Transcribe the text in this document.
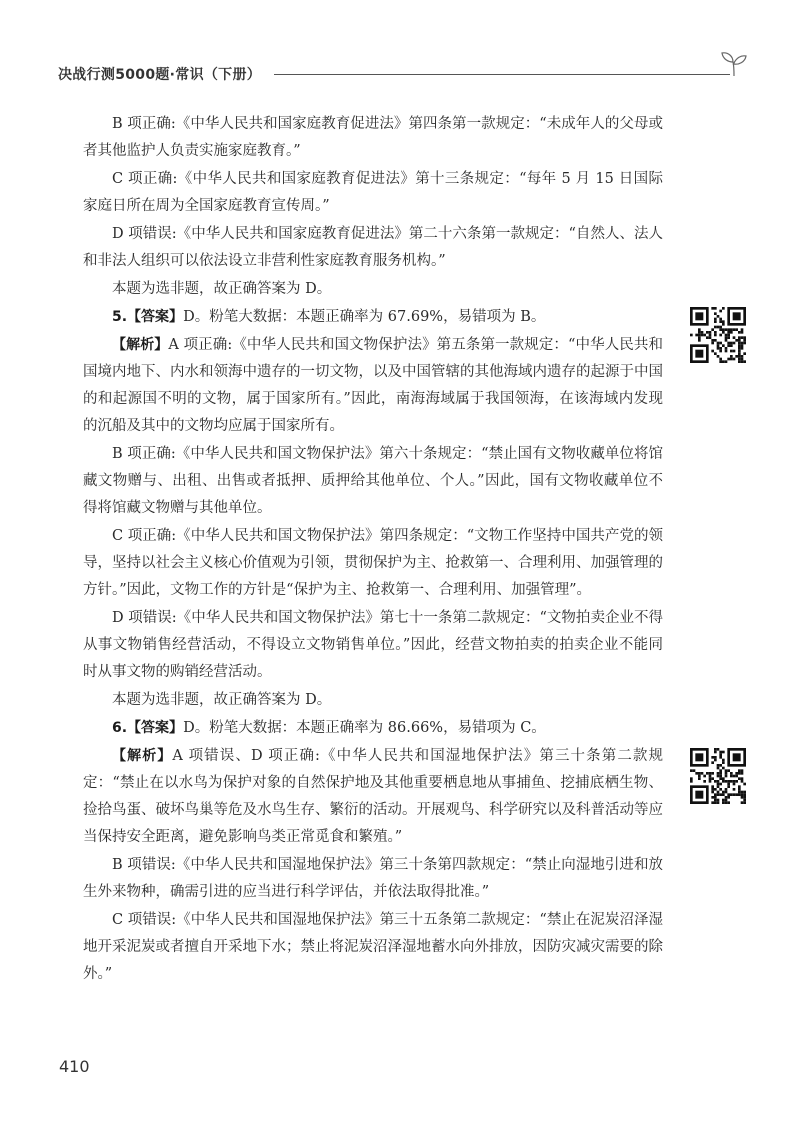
决战行测5000题·常识（下册）

B 项正确:《中华人民共和国家庭教育促进法》第四条第一款规定：“未成年人的父母或者其他监护人负责实施家庭教育。”

C 项正确:《中华人民共和国家庭教育促进法》第十三条规定：“每年 5 月 15 日国际家庭日所在周为全国家庭教育宣传周。”

D 项错误:《中华人民共和国家庭教育促进法》第二十六条第一款规定：“自然人、法人和非法人组织可以依法设立非营利性家庭教育服务机构。”

本题为选非题，故正确答案为 D。

5.【答案】D。粉笔大数据：本题正确率为 67.69%，易错项为 B。

【解析】A 项正确:《中华人民共和国文物保护法》第五条第一款规定：“中华人民共和国境内地下、内水和领海中遗存的一切文物，以及中国管辖的其他海域内遗存的起源于中国的和起源国不明的文物，属于国家所有。”因此，南海海域属于我国领海，在该海域内发现的沉船及其中的文物均应属于国家所有。

B 项正确:《中华人民共和国文物保护法》第六十条规定：“禁止国有文物收藏单位将馆藏文物赠与、出租、出售或者抵押、质押给其他单位、个人。”因此，国有文物收藏单位不得将馆藏文物赠与其他单位。

C 项正确:《中华人民共和国文物保护法》第四条规定：“文物工作坚持中国共产党的领导，坚持以社会主义核心价值观为引领，贯彻保护为主、抢救第一、合理利用、加强管理的方针。”因此，文物工作的方针是“保护为主、抢救第一、合理利用、加强管理”。

D 项错误:《中华人民共和国文物保护法》第七十一条第二款规定：“文物拍卖企业不得从事文物销售经营活动，不得设立文物销售单位。”因此，经营文物拍卖的拍卖企业不能同时从事文物的购销经营活动。

本题为选非题，故正确答案为 D。

6.【答案】D。粉笔大数据：本题正确率为 86.66%，易错项为 C。

【解析】A 项错误、D 项正确:《中华人民共和国湿地保护法》第三十条第二款规定：“禁止在以水鸟为保护对象的自然保护地及其他重要栖息地从事捕鱼、挖捕底栖生物、捡拾鸟蛋、破坏鸟巢等危及水鸟生存、繁衍的活动。开展观鸟、科学研究以及科普活动等应当保持安全距离，避免影响鸟类正常觅食和繁殖。”

B 项错误:《中华人民共和国湿地保护法》第三十条第四款规定：“禁止向湿地引进和放生外来物种，确需引进的应当进行科学评估，并依法取得批准。”

C 项错误:《中华人民共和国湿地保护法》第三十五条第二款规定：“禁止在泥炭沼泽湿地开采泥炭或者擅自开采地下水；禁止将泥炭沼泽湿地蓄水向外排放，因防灾减灾需要的除外。”

410
